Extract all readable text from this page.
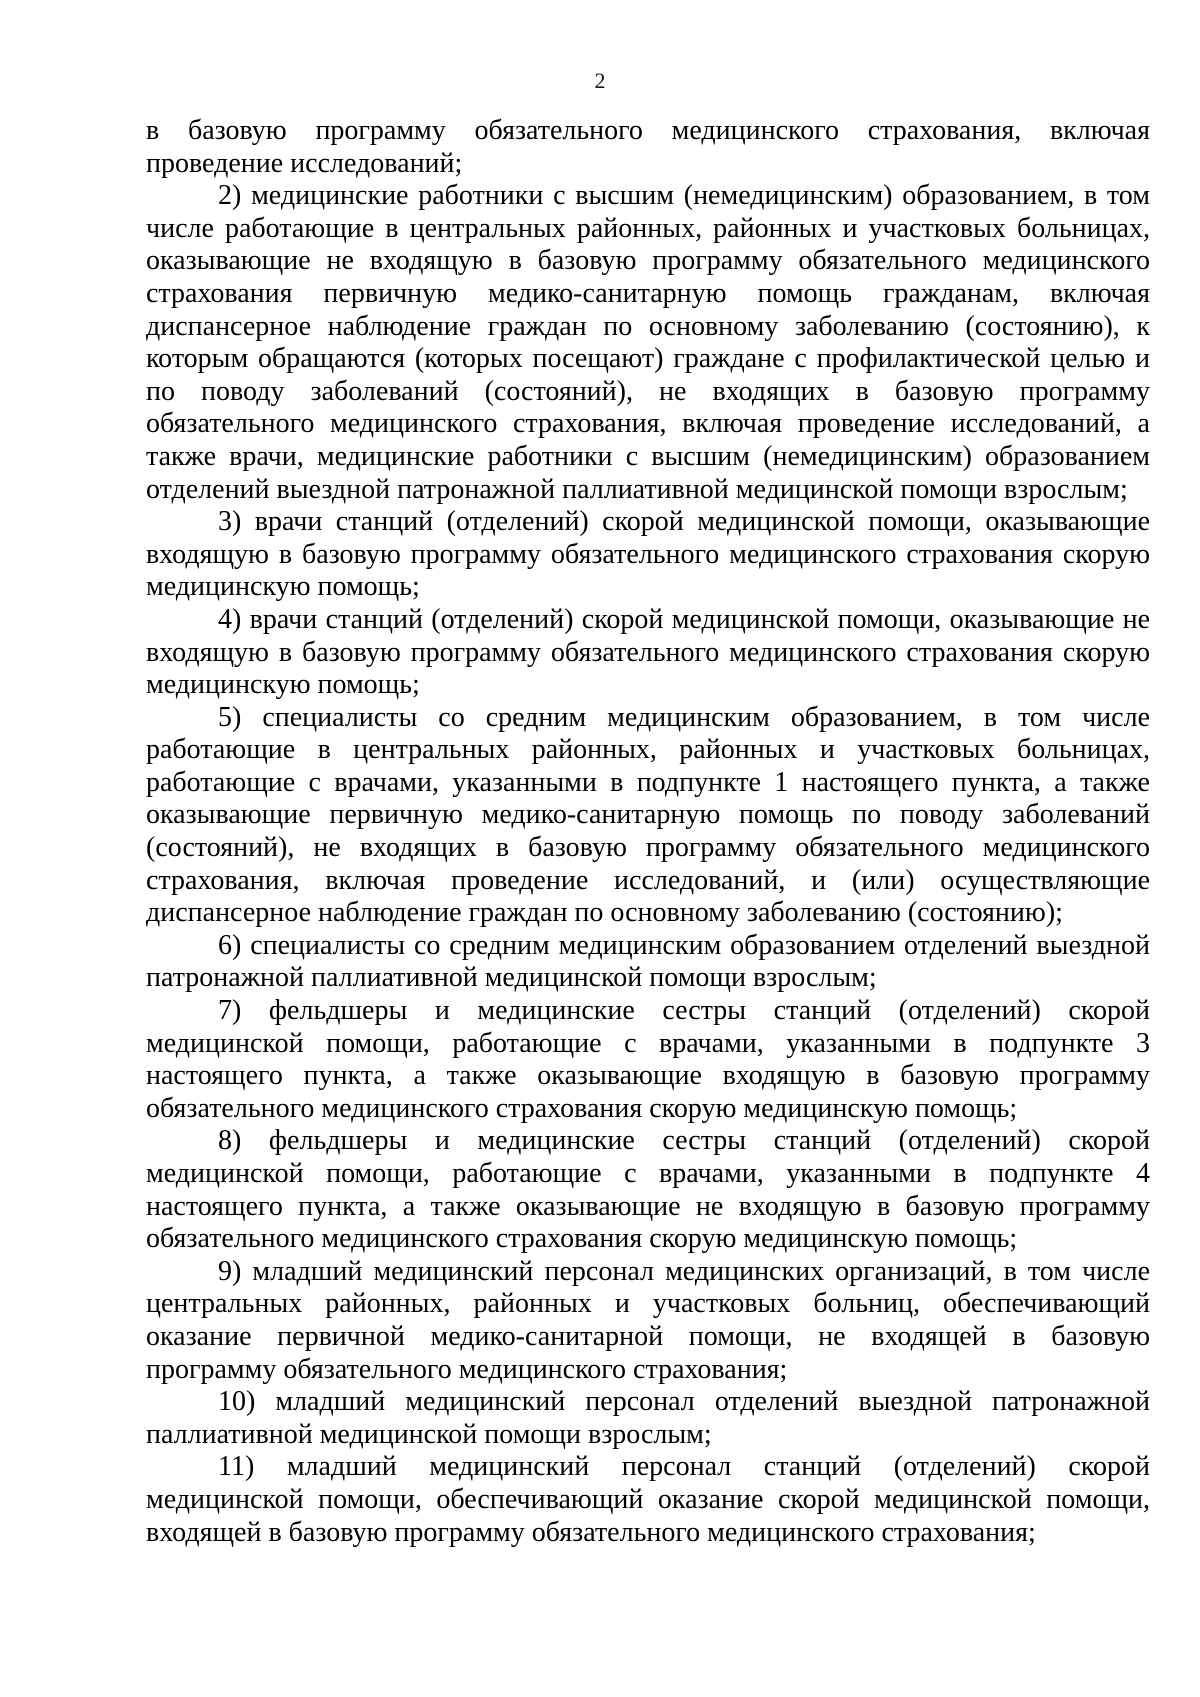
2

в базовую программу обязательного медицинского страхования, включая проведение исследований;

2) медицинские работники с высшим (немедицинским) образованием, в том числе работающие в центральных районных, районных и участковых больницах, оказывающие не входящую в базовую программу обязательного медицинского страхования первичную медико-санитарную помощь гражданам, включая диспансерное наблюдение граждан по основному заболеванию (состоянию), к которым обращаются (которых посещают) граждане с профилактической целью и по поводу заболеваний (состояний), не входящих в базовую программу обязательного медицинского страхования, включая проведение исследований, а также врачи, медицинские работники с высшим (немедицинским) образованием отделений выездной патронажной паллиативной медицинской помощи взрослым;

3) врачи станций (отделений) скорой медицинской помощи, оказывающие входящую в базовую программу обязательного медицинского страхования скорую медицинскую помощь;

4) врачи станций (отделений) скорой медицинской помощи, оказывающие не входящую в базовую программу обязательного медицинского страхования скорую медицинскую помощь;

5) специалисты со средним медицинским образованием, в том числе работающие в центральных районных, районных и участковых больницах, работающие с врачами, указанными в подпункте 1 настоящего пункта, а также оказывающие первичную медико-санитарную помощь по поводу заболеваний (состояний), не входящих в базовую программу обязательного медицинского страхования, включая проведение исследований, и (или) осуществляющие диспансерное наблюдение граждан по основному заболеванию (состоянию);

6) специалисты со средним медицинским образованием отделений выездной патронажной паллиативной медицинской помощи взрослым;

7) фельдшеры и медицинские сестры станций (отделений) скорой медицинской помощи, работающие с врачами, указанными в подпункте 3 настоящего пункта, а также оказывающие входящую в базовую программу обязательного медицинского страхования скорую медицинскую помощь;

8) фельдшеры и медицинские сестры станций (отделений) скорой медицинской помощи, работающие с врачами, указанными в подпункте 4 настоящего пункта, а также оказывающие не входящую в базовую программу обязательного медицинского страхования скорую медицинскую помощь;

9) младший медицинский персонал медицинских организаций, в том числе центральных районных, районных и участковых больниц, обеспечивающий оказание первичной медико-санитарной помощи, не входящей в базовую программу обязательного медицинского страхования;

10) младший медицинский персонал отделений выездной патронажной паллиативной медицинской помощи взрослым;

11) младший медицинский персонал станций (отделений) скорой медицинской помощи, обеспечивающий оказание скорой медицинской помощи, входящей в базовую программу обязательного медицинского страхования;
